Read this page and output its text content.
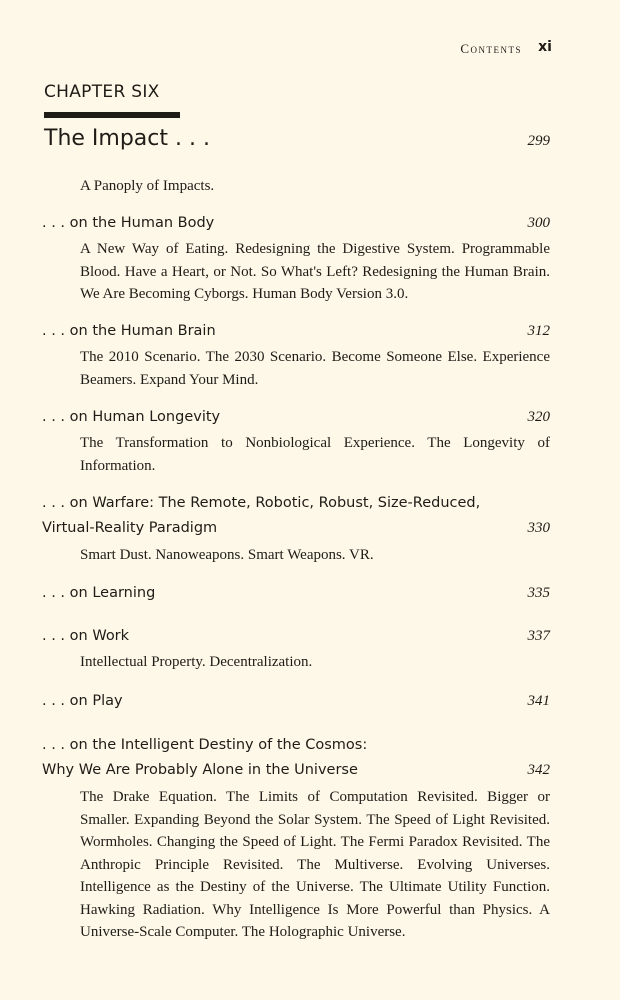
Contents xi
CHAPTER SIX
The Impact . . .	299
A Panoply of Impacts.
. . . on the Human Body	300
A New Way of Eating. Redesigning the Digestive System. Programmable Blood. Have a Heart, or Not. So What's Left? Redesigning the Human Brain. We Are Becoming Cyborgs. Human Body Version 3.0.
. . . on the Human Brain	312
The 2010 Scenario. The 2030 Scenario. Become Someone Else. Experience Beamers. Expand Your Mind.
. . . on Human Longevity	320
The Transformation to Nonbiological Experience. The Longevity of Information.
. . . on Warfare: The Remote, Robotic, Robust, Size-Reduced,
Virtual-Reality Paradigm	330
Smart Dust. Nanoweapons. Smart Weapons. VR.
. . . on Learning	335
. . . on Work	337
Intellectual Property. Decentralization.
. . . on Play	341
. . . on the Intelligent Destiny of the Cosmos:
Why We Are Probably Alone in the Universe	342
The Drake Equation. The Limits of Computation Revisited. Bigger or Smaller. Expanding Beyond the Solar System. The Speed of Light Revisited. Wormholes. Changing the Speed of Light. The Fermi Paradox Revisited. The Anthropic Principle Revisited. The Multiverse. Evolving Universes. Intelligence as the Destiny of the Universe. The Ultimate Utility Function. Hawking Radiation. Why Intelligence Is More Powerful than Physics. A Universe-Scale Computer. The Holographic Universe.
